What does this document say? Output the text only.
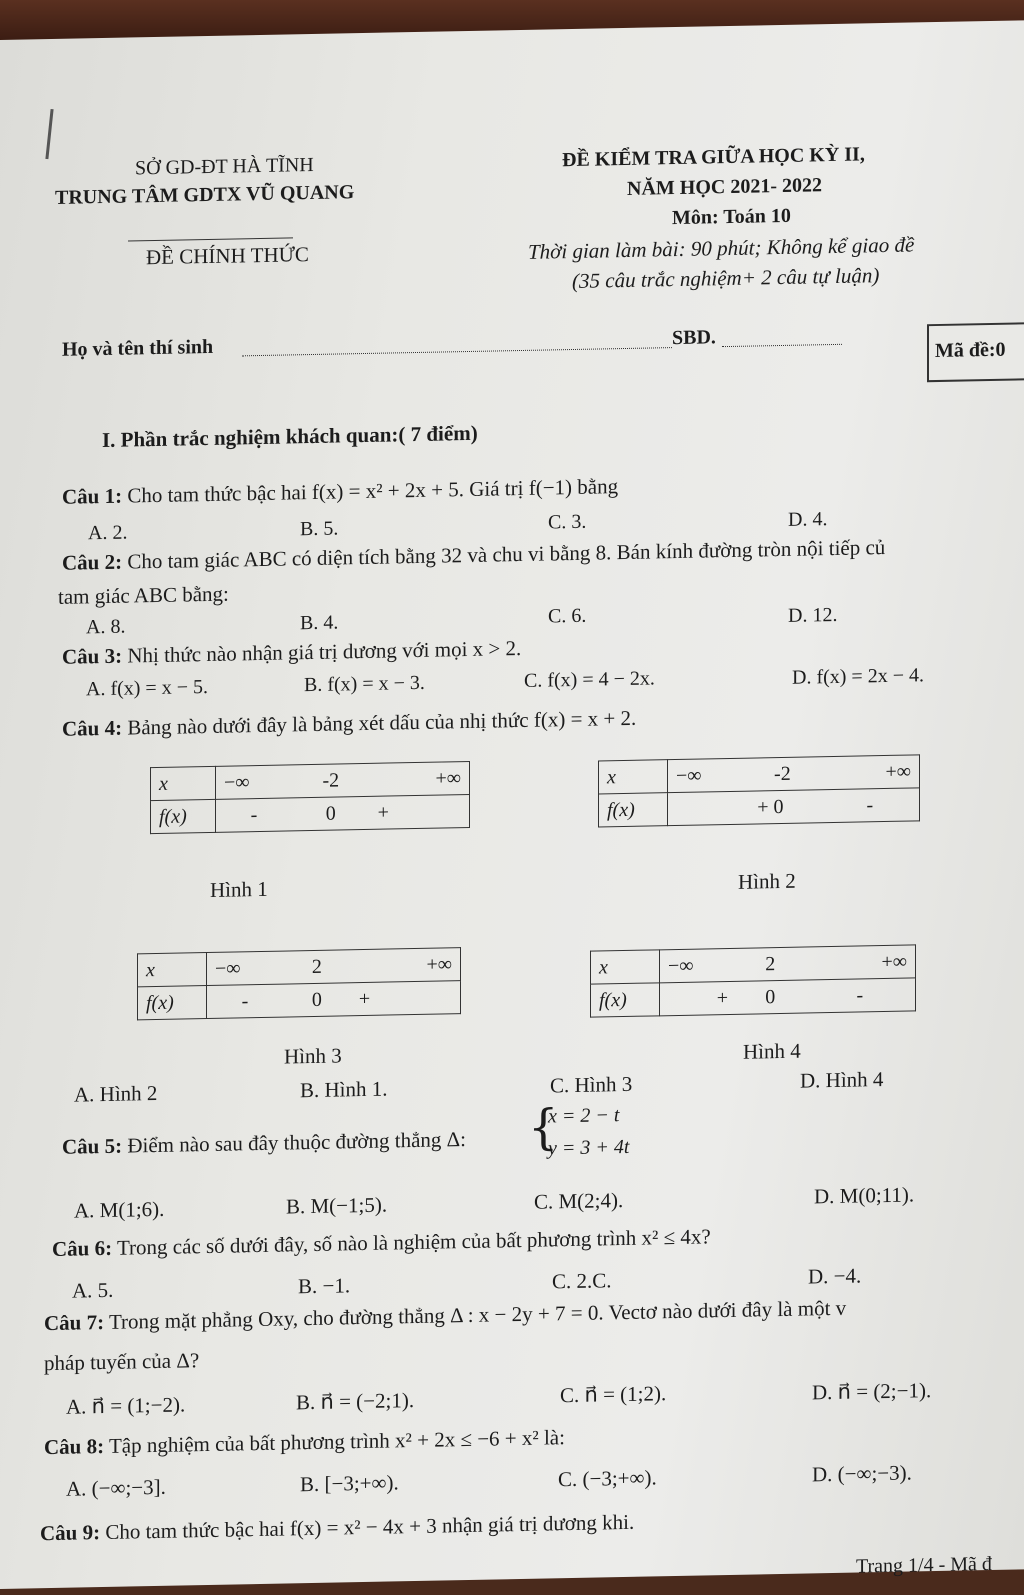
SỞ GD-ĐT HÀ TĨNH
TRUNG TÂM GDTX VŨ QUANG
ĐỀ CHÍNH THỨC
ĐỀ KIỂM TRA GIỮA HỌC KỲ II,
NĂM HỌC 2021- 2022
Môn: Toán 10
Thời gian làm bài: 90 phút; Không kể giao đề
(35 câu trắc nghiệm+ 2 câu tự luận)
Họ và tên thí sinh	SBD.
Mã đề:0
I. Phần trắc nghiệm khách quan:( 7 điểm)
Câu 1: Cho tam thức bậc hai f(x) = x² + 2x + 5. Giá trị f(−1) bằng
A. 2.	B. 5.	C. 3.	D. 4.
Câu 2: Cho tam giác ABC có diện tích bằng 32 và chu vi bằng 8. Bán kính đường tròn nội tiếp củ
tam giác ABC bằng:
A. 8.	B. 4.	C. 6.	D. 12.
Câu 3: Nhị thức nào nhận giá trị dương với mọi x > 2.
A. f(x) = x − 5.	B. f(x) = x − 3.	C. f(x) = 4 − 2x.	D. f(x) = 2x − 4.
Câu 4: Bảng nào dưới đây là bảng xét dấu của nhị thức f(x) = x + 2.
x	−∞	-2	+∞
f(x)	-	0	+
Hình 1
x	−∞	-2	+∞
f(x)	+ 0		-
Hình 2
x	−∞	2	+∞
f(x)	-	0	+
Hình 3
x	−∞	2	+∞
f(x)	+	0	-
Hình 4
A. Hình 2	B. Hình 1.	C. Hình 3	D. Hình 4
Câu 5: Điểm nào sau đây thuộc đường thẳng Δ: {
x = 2 − t
y = 3 + 4t
A. M(1;6).	B. M(−1;5).	C. M(2;4).	D. M(0;11).
Câu 6: Trong các số dưới đây, số nào là nghiệm của bất phương trình x² ≤ 4x?
A. 5.	B. −1.	C. 2.C.	D. −4.
Câu 7: Trong mặt phẳng Oxy, cho đường thẳng Δ : x − 2y + 7 = 0. Vectơ nào dưới đây là một v
pháp tuyến của Δ?
A. n⃗ = (1;−2).	B. n⃗ = (−2;1).	C. n⃗ = (1;2).	D. n⃗ = (2;−1).
Câu 8: Tập nghiệm của bất phương trình x² + 2x ≤ −6 + x² là:
A. (−∞;−3].	B. [−3;+∞).	C. (−3;+∞).	D. (−∞;−3).
Câu 9: Cho tam thức bậc hai f(x) = x² − 4x + 3 nhận giá trị dương khi.
Trang 1/4 - Mã đ
